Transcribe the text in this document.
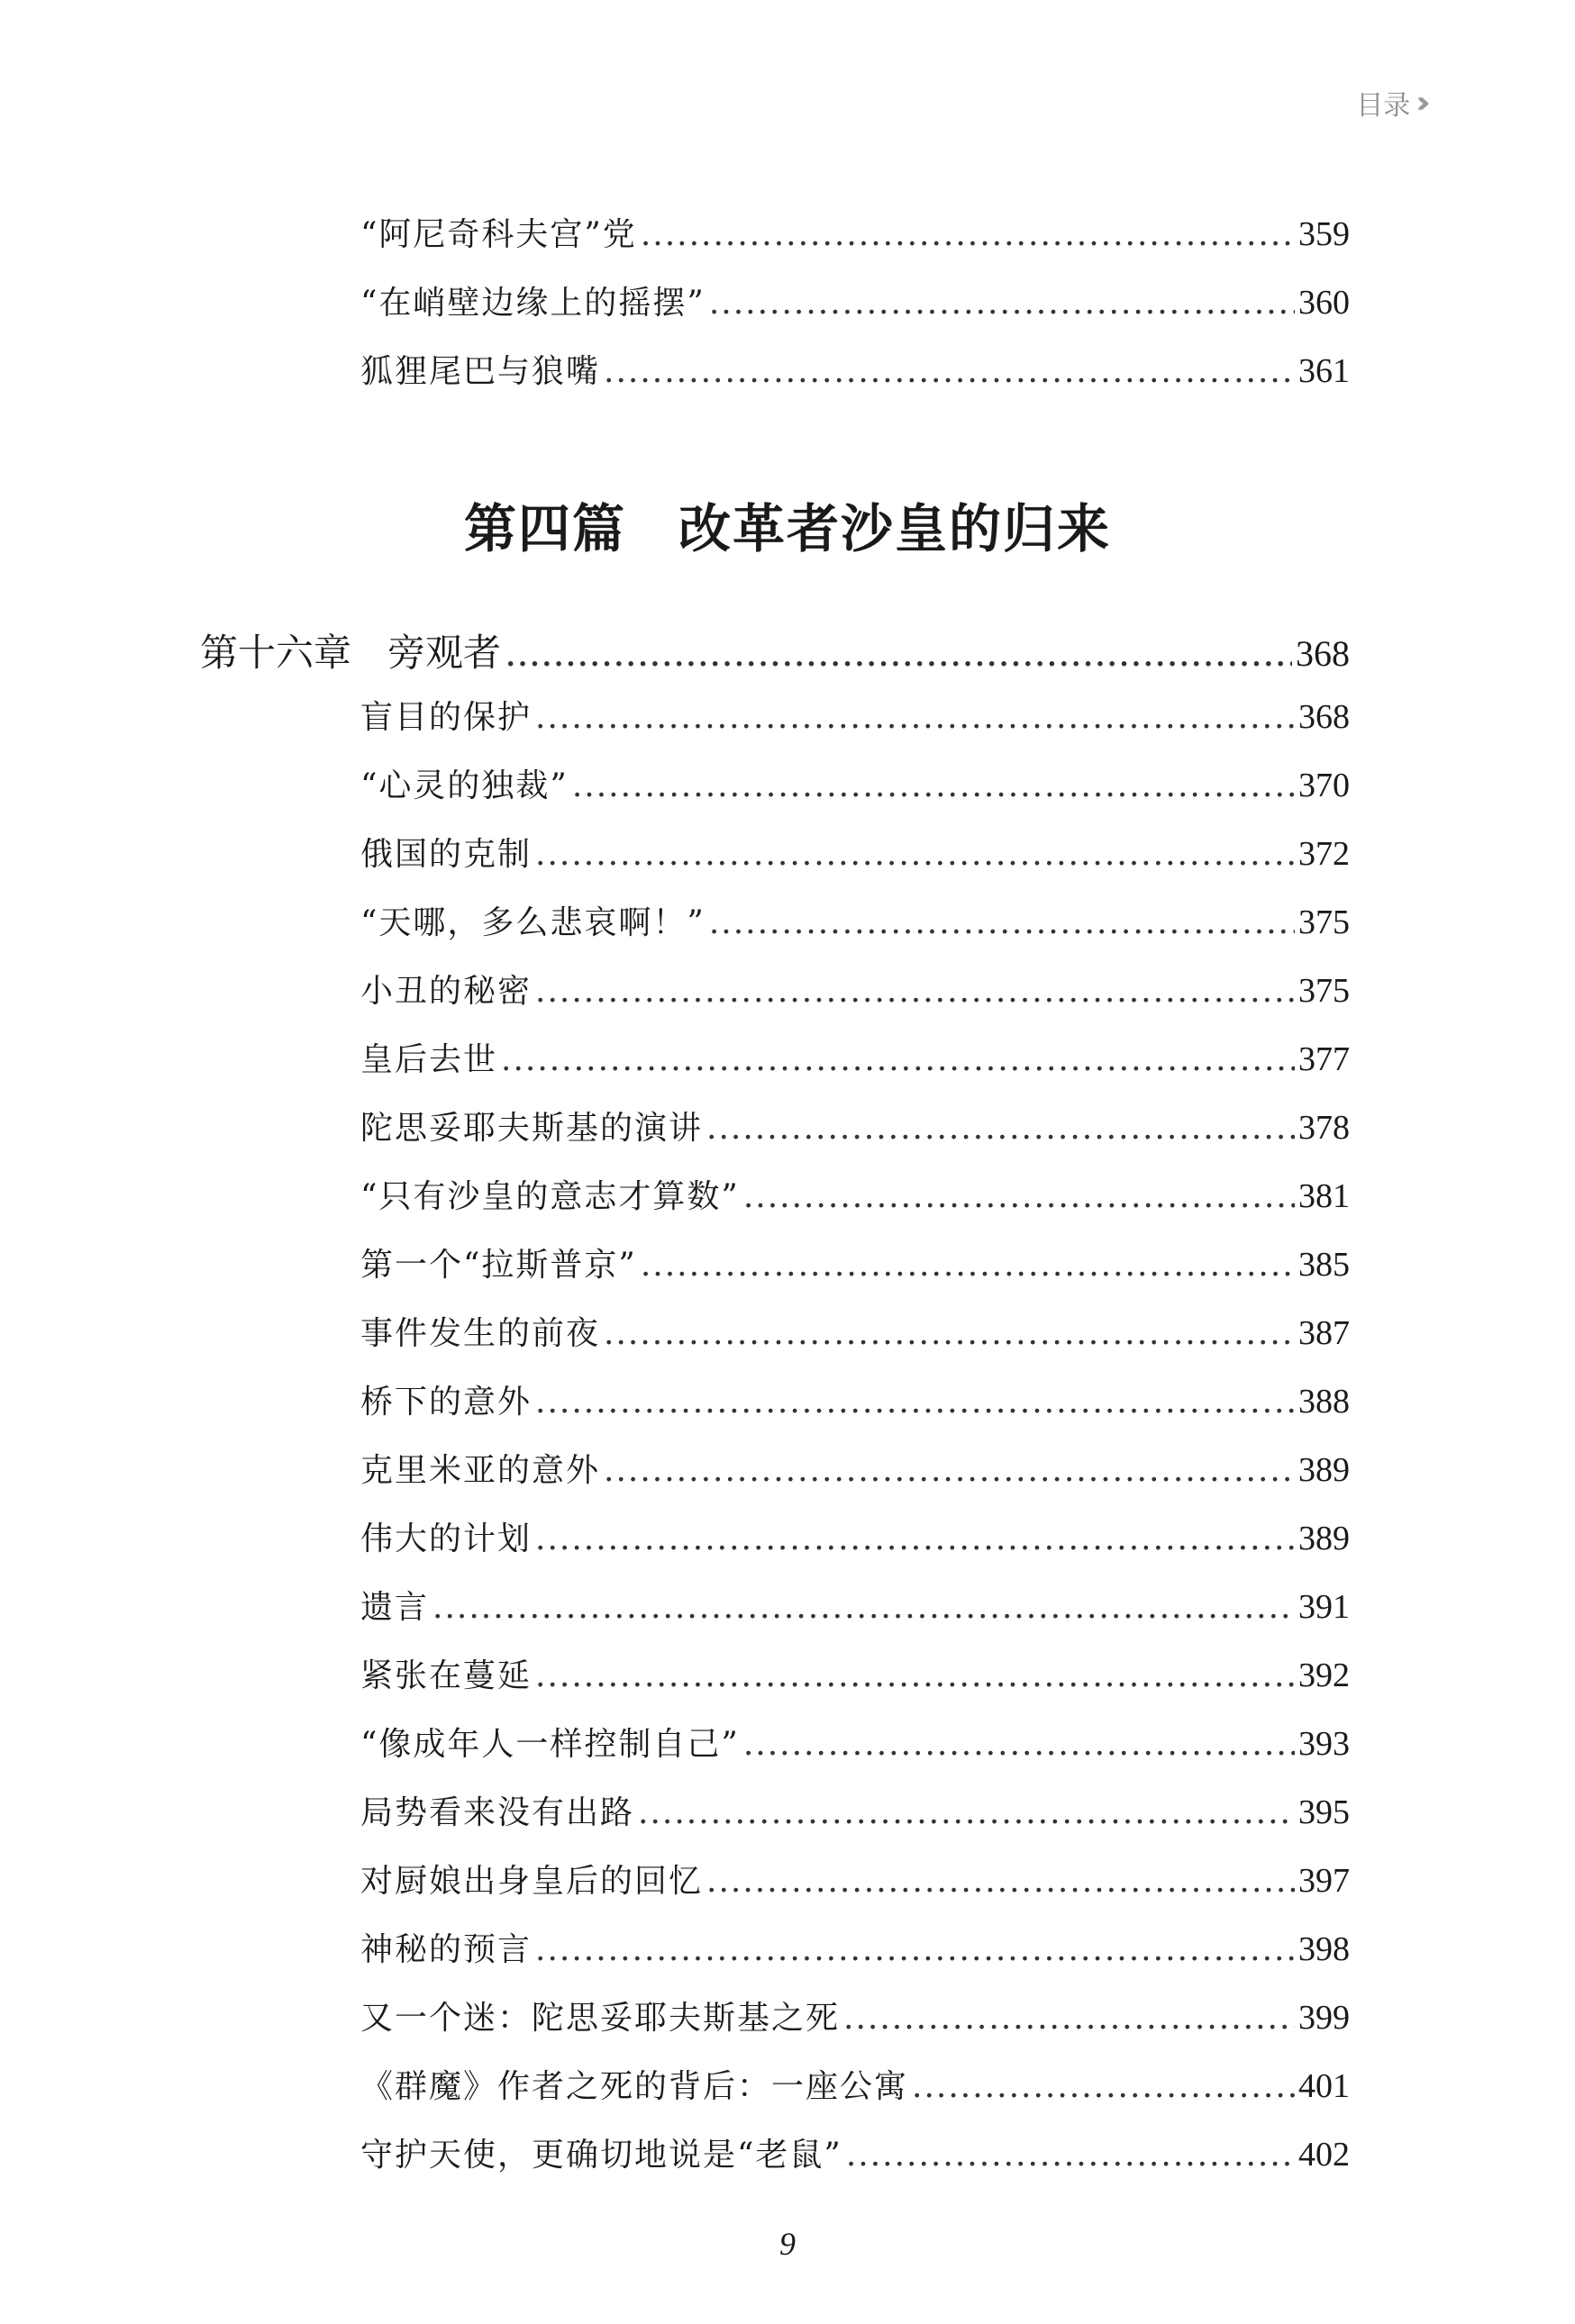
目录 ›››
“阿尼奇科夫宫”党 .....	359
“在峭壁边缘上的摇摆” .....	360
狐狸尾巴与狼嘴 .....	361
第四篇 改革者沙皇的归来
第十六章 旁观者 .....	368
盲目的保护 .....	368
“心灵的独裁” .....	370
俄国的克制 .....	372
“天哪，多么悲哀啊！” .....	375
小丑的秘密 .....	375
皇后去世 .....	377
陀思妥耶夫斯基的演讲 .....	378
“只有沙皇的意志才算数” .....	381
第一个“拉斯普京” .....	385
事件发生的前夜 .....	387
桥下的意外 .....	388
克里米亚的意外 .....	389
伟大的计划 .....	389
遗言 .....	391
紧张在蔓延 .....	392
“像成年人一样控制自己” .....	393
局势看来没有出路 .....	395
对厨娘出身皇后的回忆 .....	397
神秘的预言 .....	398
又一个迷：陀思妥耶夫斯基之死 .....	399
《群魔》作者之死的背后：一座公寓 .....	401
守护天使，更确切地说是“老鼠” .....	402
9
